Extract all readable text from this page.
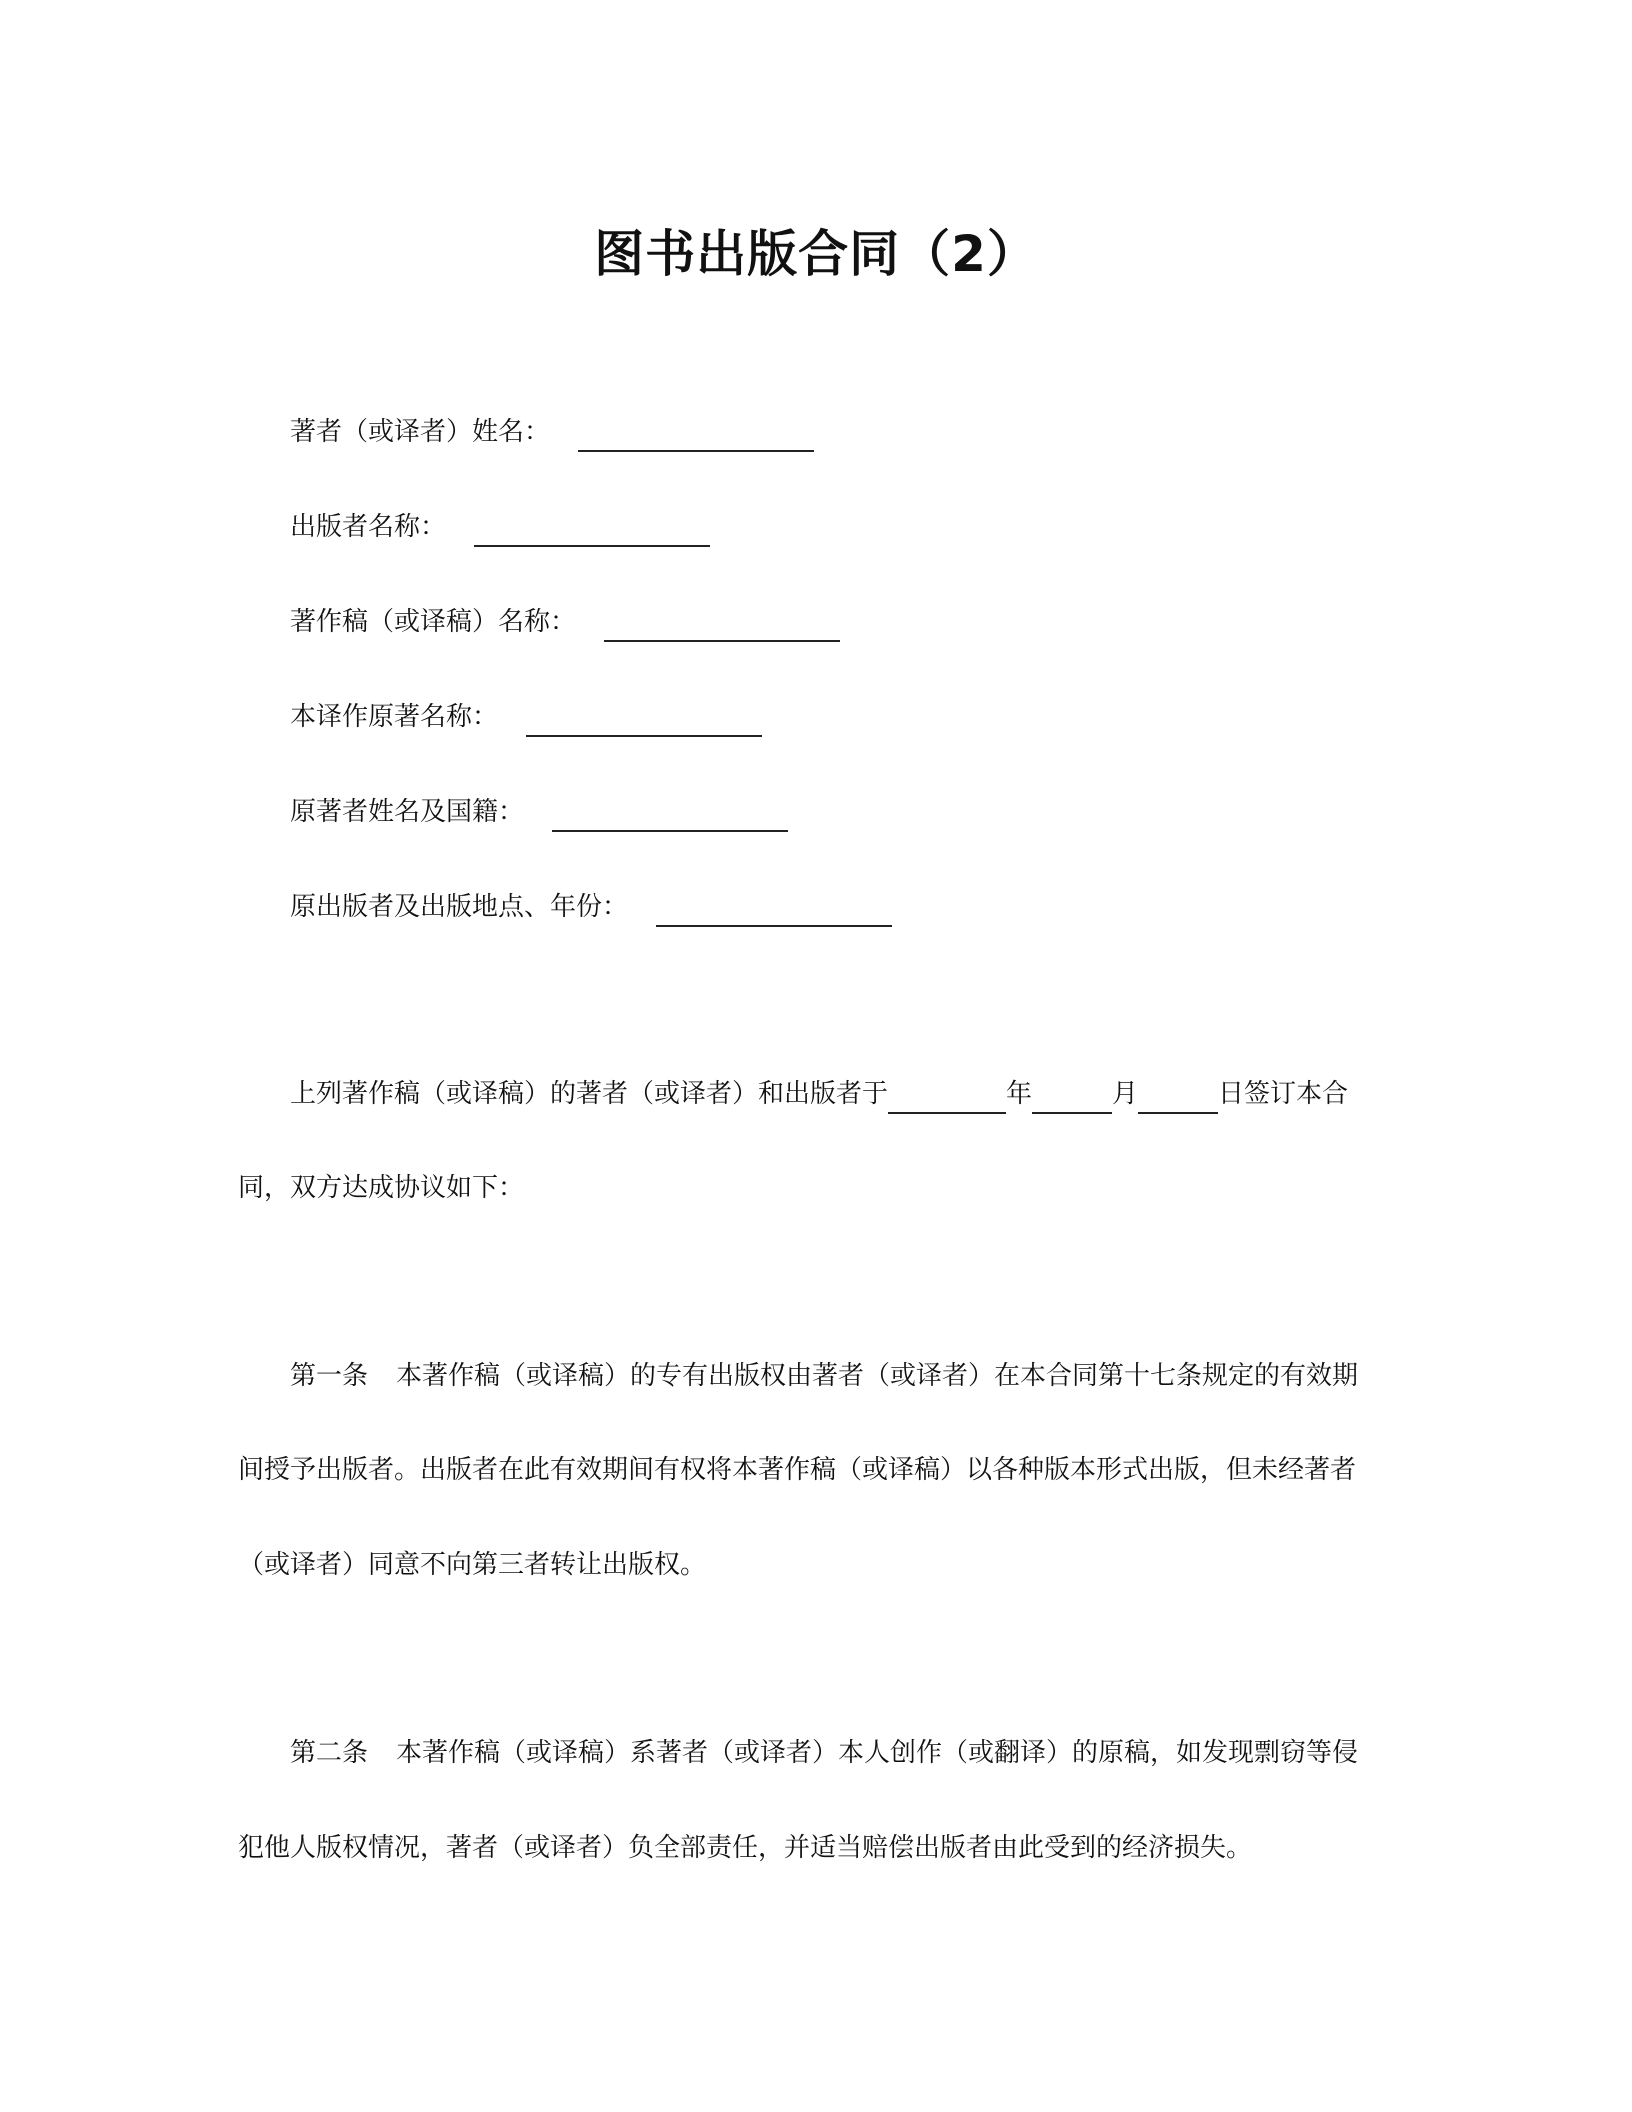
图书出版合同（2）
著者（或译者）姓名：
出版者名称：
著作稿（或译稿）名称：
本译作原著名称：
原著者姓名及国籍：
原出版者及出版地点、年份：
上列著作稿（或译稿）的著者（或译者）和出版者于	年	月	日签订本合
同，双方达成协议如下：
第一条 本著作稿（或译稿）的专有出版权由著者（或译者）在本合同第十七条规定的有效期
间授予出版者。出版者在此有效期间有权将本著作稿（或译稿）以各种版本形式出版，但未经著者
（或译者）同意不向第三者转让出版权。
第二条 本著作稿（或译稿）系著者（或译者）本人创作（或翻译）的原稿，如发现剽窃等侵
犯他人版权情况，著者（或译者）负全部责任，并适当赔偿出版者由此受到的经济损失。
